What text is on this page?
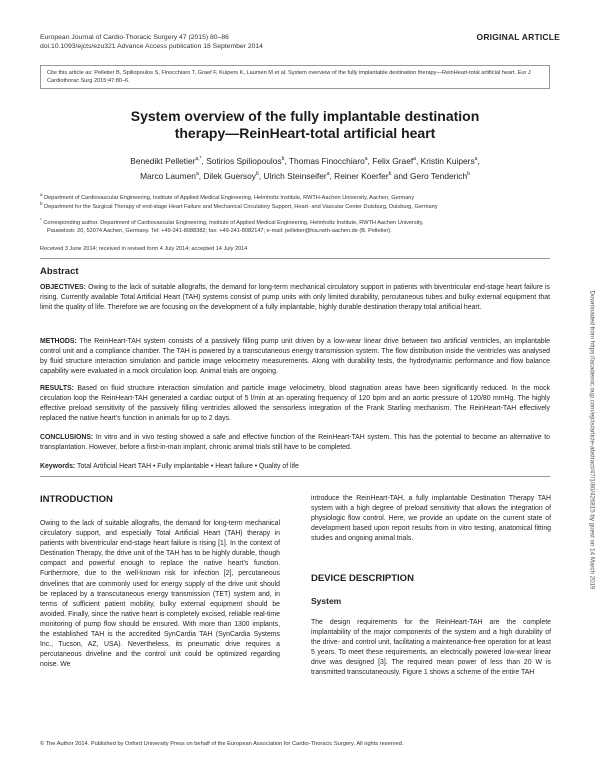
European Journal of Cardio-Thoracic Surgery 47 (2015) 80–86
doi:10.1093/ejcts/ezu321 Advance Access publication 18 September 2014
ORIGINAL ARTICLE
Cite this article as: Pelletier B, Spiliopoulos S, Finocchiaro T, Graef F, Kuipers K, Laumen M et al. System overview of the fully implantable destination therapy—ReinHeart-total artificial heart. Eur J Cardiothorac Surg 2015;47:80–6.
System overview of the fully implantable destination
therapy—ReinHeart-total artificial heart
Benedikt Pelletier$^{a,*}$, Sotirios Spiliopoulos$^b$, Thomas Finocchiaro$^a$, Felix Graef$^a$, Kristin Kuipers$^a$,
Marco Laumen$^a$, Dilek Guersoy$^b$, Ulrich Steinseifer$^a$, Reiner Koerfer$^b$ and Gero Tenderich$^b$
$^a$ Department of Cardiovascular Engineering, Institute of Applied Medical Engineering, Helmholtz Institute, RWTH-Aachen University, Aachen, Germany
$^b$ Department for the Surgical Therapy of end-stage Heart Failure and Mechanical Circulatory Support, Heart- and Vascular Center Duisburg, Duisburg, Germany
* Corresponding author. Department of Cardiovascular Engineering, Institute of Applied Medical Engineering, Helmholtz Institute, RWTH Aachen University,
Pauwelsstr. 20, 52074 Aachen, Germany. Tel: +49-241-8088382; fax: +49-241-8082147; e-mail: pelletier@hia.rwth-aachen.de (B. Pelletier).
Received 3 June 2014; received in revised form 4 July 2014; accepted 14 July 2014
Abstract
OBJECTIVES: Owing to the lack of suitable allografts, the demand for long-term mechanical circulatory support in patients with biventricular end-stage heart failure is rising. Currently available Total Artificial Heart (TAH) systems consist of pump units with only limited durability, percutaneous tubes and bulky external equipment that limit the quality of life. Therefore we are focusing on the development of a fully implantable, highly durable destination therapy total artificial heart.
METHODS: The ReinHeart-TAH system consists of a passively filling pump unit driven by a low-wear linear drive between two artificial ventricles, an implantable control unit and a compliance chamber. The TAH is powered by a transcutaneous energy transmission system. The flow distribution inside the ventricles was analysed by fluid structure interaction simulation and particle image velocimetry measurements. Along with durability tests, the hydrodynamic performance and flow balance capability were evaluated in a mock circulation loop. Animal trials are ongoing.
RESULTS: Based on fluid structure interaction simulation and particle image velocimetry, blood stagnation areas have been significantly reduced. In the mock circulation loop the ReinHeart-TAH generated a cardiac output of 5 l/min at an operating frequency of 120 bpm and an aortic pressure of 120/80 mmHg. The highly effective preload sensitivity of the passively filling ventricles allowed the sensorless integration of the Frank Starling mechanism. The ReinHeart-TAH effectively replaced the native heart's function in animals for up to 2 days.
CONCLUSIONS: In vitro and in vivo testing showed a safe and effective function of the ReinHeart-TAH system. This has the potential to become an alternative to transplantation. However, before a first-in-man implant, chronic animal trials still have to be completed.
Keywords: Total Artificial Heart TAH • Fully implantable • Heart failure • Quality of life
INTRODUCTION
Owing to the lack of suitable allografts, the demand for long-term mechanical circulatory support, and especially Total Artificial Heart (TAH) therapy in patients with biventricular end-stage heart failure is rising [1]. In the context of Destination Therapy, the drive unit of the TAH has to be highly durable, though compact and powerful enough to replace the native heart's function. Furthermore, due to the well-known risk for infection [2], percutaneous drivelines that are commonly used for energy supply of the drive unit should be replaced by a transcutaneous energy transmission (TET) system and, in terms of sufficient patient mobility, bulky external equipment should be avoided. Finally, since the native heart is completely excised, reliable real-time monitoring of pump flow should be ensured. With more than 1300 implants, the established TAH is the accredited SynCardia TAH (SynCardia Systems Inc., Tucson, AZ, USA). Nevertheless, its pneumatic drive requires a percutaneous driveline and the control unit could be optimized regarding noise. We
introduce the ReinHeart-TAH, a fully implantable Destination Therapy TAH system with a high degree of preload sensitivity that allows the integration of physiologic flow control. Here, we provide an update on the current state of development based upon report results from in vitro testing, anatomical fitting studies and ongoing animal trials.
DEVICE DESCRIPTION
System
The design requirements for the ReinHeart-TAH are the complete implantability of the major components of the system and a high durability of the drive- and control unit, facilitating a maintenance-free operation for at least 5 years. To meet these requirements, an electrically powered low-wear linear drive was designed [3]. The required mean power of less than 20 W is transmitted transcutaneously. Figure 1 shows a scheme of the entire TAH
© The Author 2014. Published by Oxford University Press on behalf of the European Association for Cardio-Thoracic Surgery. All rights reserved.
Downloaded from https://academic.oup.com/ejcts/article-abstract/47/1/80/426815 by guest on 14 March 2019
